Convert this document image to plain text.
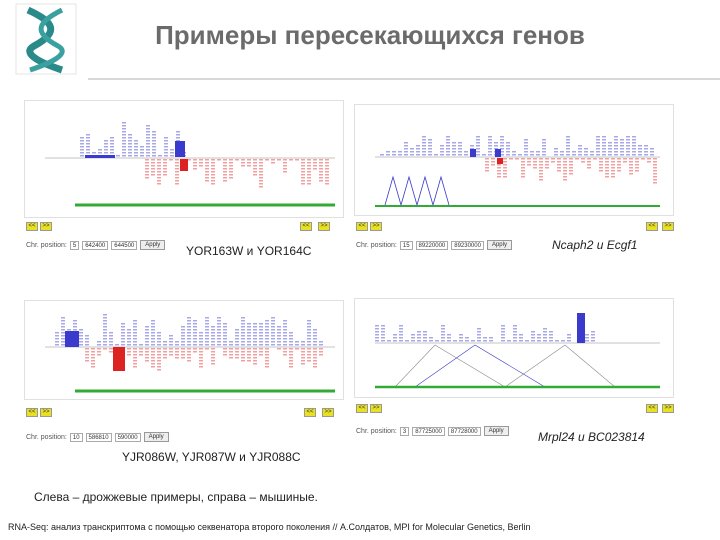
Примеры пересекающихся генов
<<	>>	<<	>>
Chr. position:	5	642400	644500	Apply	YOR163W и YOR164C	Chr. position:	15	89220000	89230000	Apply
<<	>>	<<	>>
Ncaph2 и Ecgf1
<<	>>	<<	>>
Chr. position:	10	586810	590000	Apply
YJR086W, YJR087W и YJR088C
<<	>>	<<	>>
Chr. position:	3	87725000	87728000	Apply	Mrpl24 и BC023814
Слева – дрожжевые примеры, справа – мышиные.
RNA-Seq: анализ транскриптома с помощью секвенатора второго поколения // А.Солдатов, MPI for Molecular Genetics, Berlin
